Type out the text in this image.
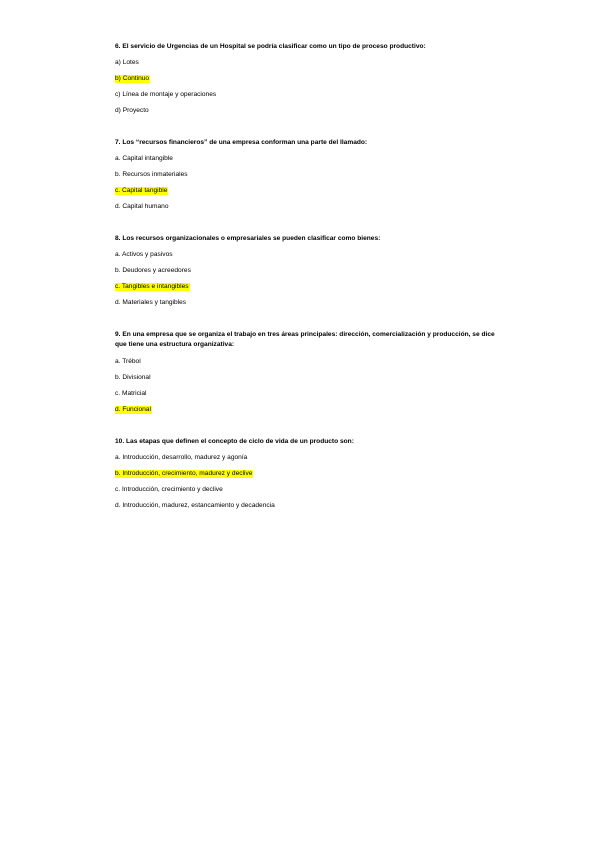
6. El servicio de Urgencias de un Hospital se podría clasificar como un tipo de proceso productivo:

a) Lotes
b) Continuo
c) Línea de montaje y operaciones
d) Proyecto

7. Los “recursos financieros” de una empresa conforman una parte del llamado:

a. Capital intangible
b. Recursos inmateriales
c. Capital tangible
d. Capital humano

8. Los recursos organizacionales o empresariales se pueden clasificar como bienes:

a. Activos y pasivos
b. Deudores y acreedores
c. Tangibles e intangibles
d. Materiales y tangibles

9. En una empresa que se organiza el trabajo en tres áreas principales: dirección, comercialización y producción, se dice que tiene una estructura organizativa:

a. Trébol
b. Divisional
c. Matricial
d. Funcional

10. Las etapas que definen el concepto de ciclo de vida de un producto son:

a. Introducción, desarrollo, madurez y agonía
b. Introducción, crecimiento, madurez y declive
c. Introducción, crecimiento y declive
d. Introducción, madurez, estancamiento y decadencia
